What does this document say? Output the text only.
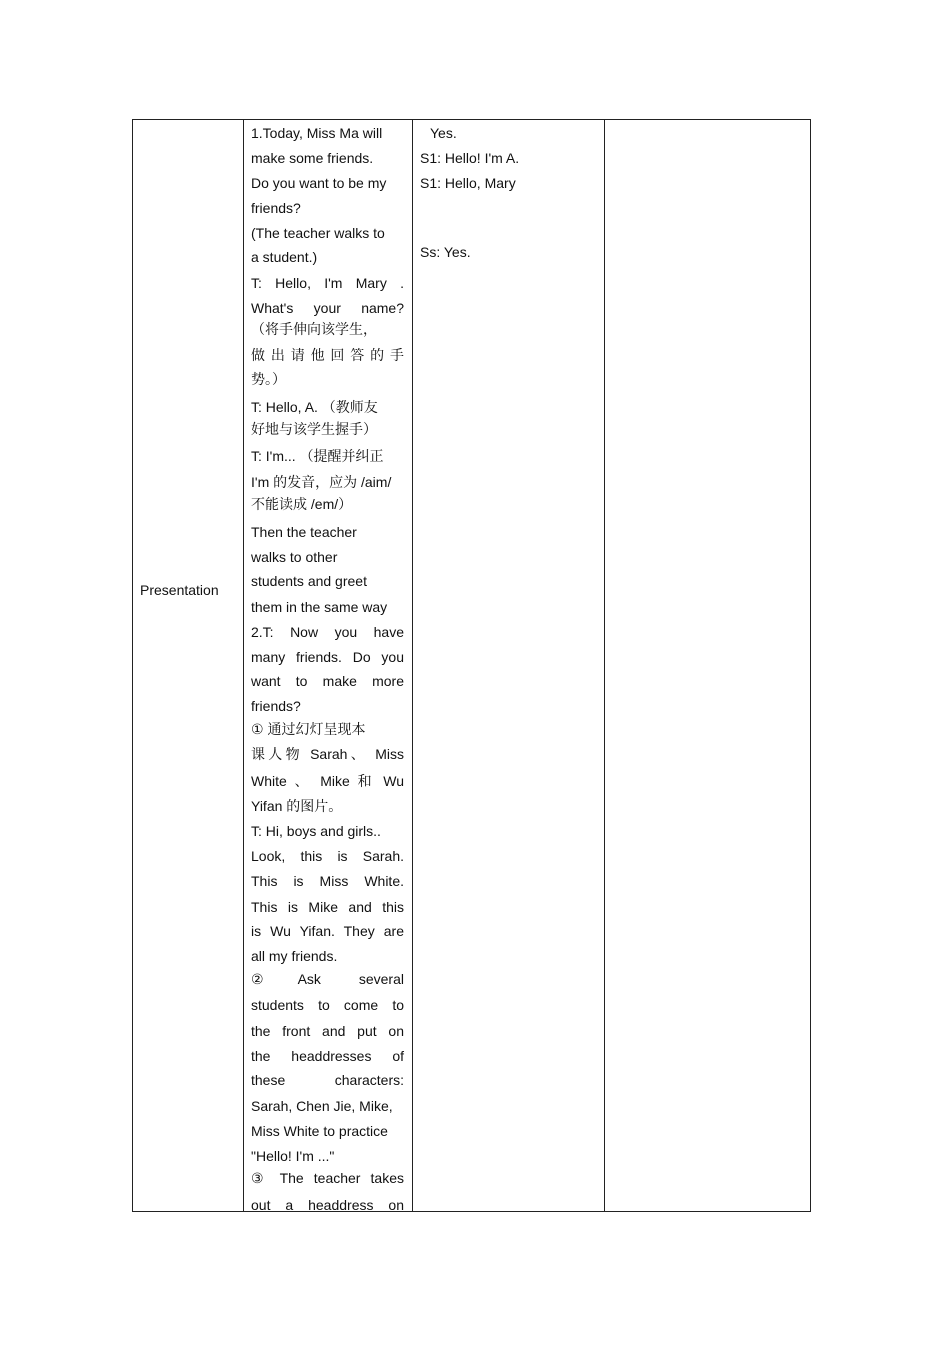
Presentation
1.Today, Miss Ma will
make some friends.
Do you want to be my
friends?
(The teacher walks to
a student.)
T: Hello, I'm Mary .
What's your name?
（将手伸向该学生，
做 出 请 他 回 答 的 手
势。）
T: Hello, A. （教师友
好地与该学生握手）
T: I'm... （提醒并纠正
I'm 的发音，应为 /aim/
不能读成 /em/）
Then the teacher
walks to other
students and greet
them in the same way
2.T: Now you have
many friends. Do you
want to make more
friends?
① 通过幻灯呈现本
课人物 Sarah、 Miss
White 、 Mike 和 Wu
Yifan 的图片。
T: Hi, boys and girls..
Look, this is Sarah.
This is Miss White.
This is Mike and this
is Wu Yifan. They are
all my friends.
②Ask several
students to come to
the front and put on
the headdresses of
these characters:
Sarah, Chen Jie, Mike,
Miss White to practice
"Hello! I'm ..."
③ The teacher takes
out a headdress on
Yes.
S1: Hello! I'm A.
S1: Hello, Mary
Ss: Yes.
